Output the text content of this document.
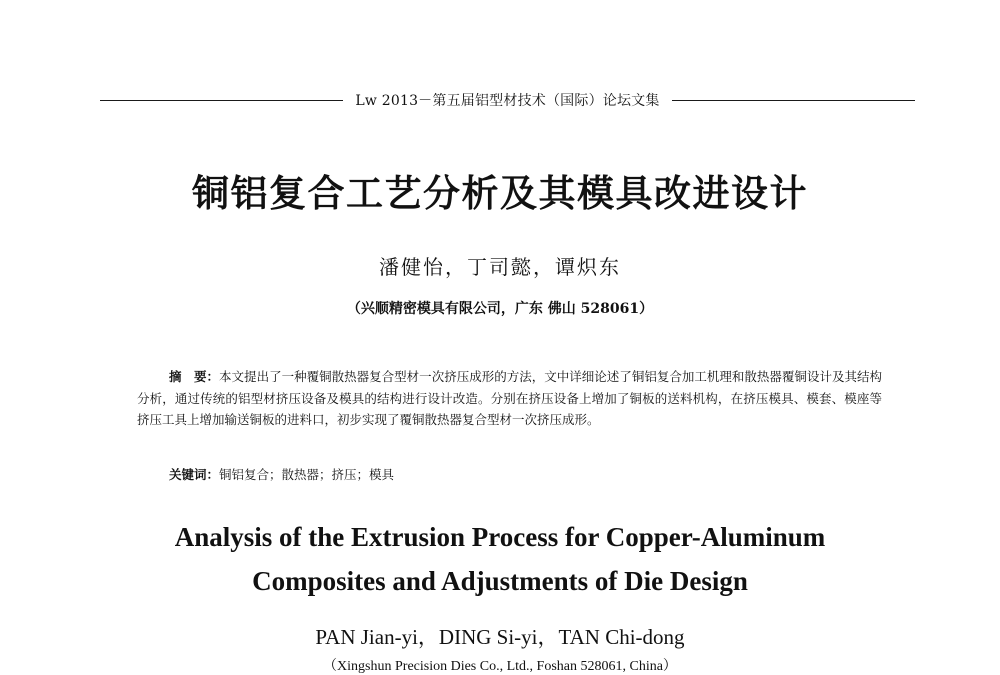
Lw 2013－第五届铝型材技术（国际）论坛文集
铜铝复合工艺分析及其模具改进设计
潘健怡，丁司懿，谭炽东
（兴顺精密模具有限公司，广东 佛山 528061）
摘　要：本文提出了一种覆铜散热器复合型材一次挤压成形的方法，文中详细论述了铜铝复合加工机理和散热器覆铜设计及其结构分析，通过传统的铝型材挤压设备及模具的结构进行设计改造。分别在挤压设备上增加了铜板的送料机构，在挤压模具、模套、模座等挤压工具上增加输送铜板的进料口，初步实现了覆铜散热器复合型材一次挤压成形。
关键词：铜铝复合；散热器；挤压；模具
Analysis of the Extrusion Process for Copper-Aluminum
Composites and Adjustments of Die Design
PAN Jian-yi，DING Si-yi，TAN Chi-dong
（Xingshun Precision Dies Co., Ltd., Foshan 528061, China）
